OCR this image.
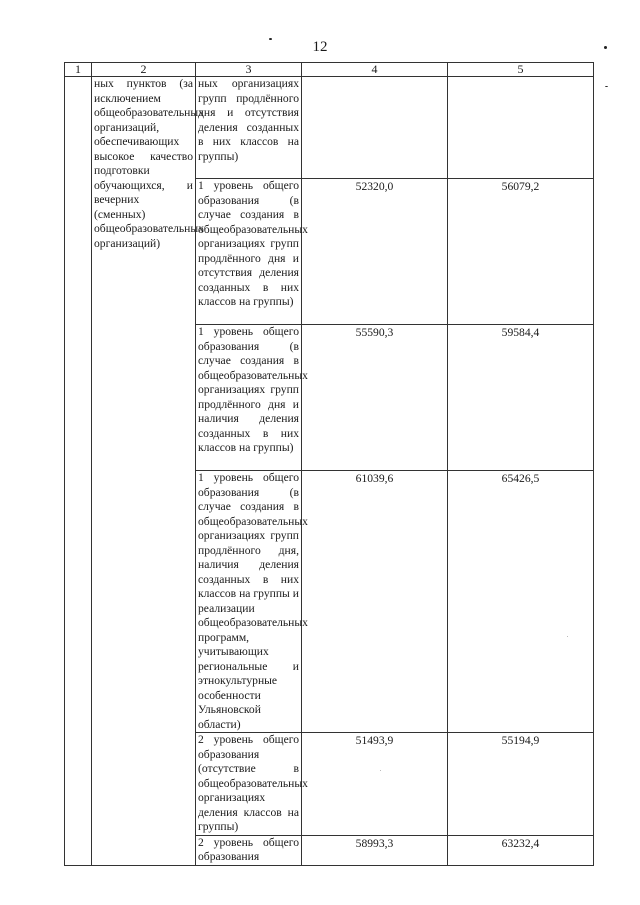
12
1	2	3	4	5
	ных пунктов (за исключением общеобразовательных организаций, обеспечивающих высокое качество подготовки обучающихся, и вечерних (сменных) общеобразовательных организаций)	ных организациях групп продлённого дня и отсутствия деления созданных в них классов на группы)		
		1 уровень общего образования (в случае создания в общеобразовательных организациях групп продлённого дня и отсутствия деления созданных в них классов на группы)	52320,0	56079,2
		1 уровень общего образования (в случае создания в общеобразовательных организациях групп продлённого дня и наличия деления созданных в них классов на группы)	55590,3	59584,4
		1 уровень общего образования (в случае создания в общеобразовательных организациях групп продлённого дня, наличия деления созданных в них классов на группы и реализации общеобразовательных программ, учитывающих региональные и этнокультурные особенности Ульяновской области)	61039,6	65426,5
		2 уровень общего образования (отсутствие в общеобразовательных организациях деления классов на группы)	51493,9	55194,9
		2 уровень общего образования	58993,3	63232,4
